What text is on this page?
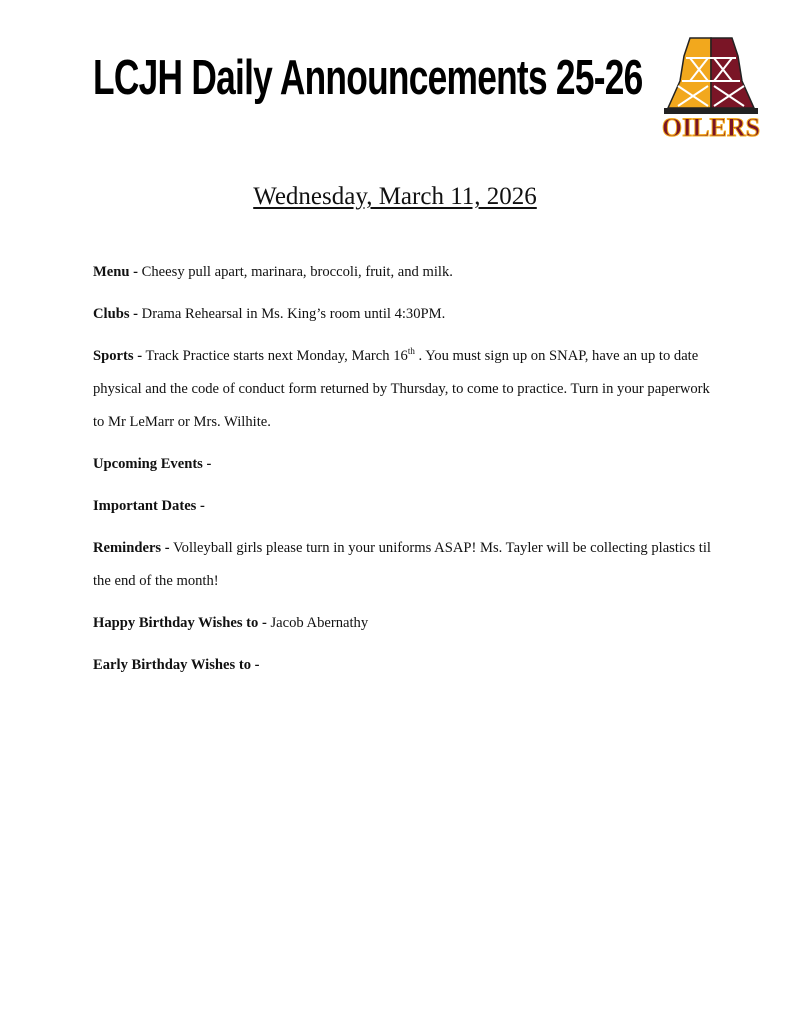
LCJH Daily Announcements 25-26
OILERS
Wednesday, March 11, 2026

Menu - Cheesy pull apart, marinara, broccoli, fruit, and milk.

Clubs - Drama Rehearsal in Ms. King’s room until 4:30PM.

Sports - Track Practice starts next Monday, March 16th . You must sign up on SNAP, have an up to date physical and the code of conduct form returned by Thursday, to come to practice. Turn in your paperwork to Mr LeMarr or Mrs. Wilhite.

Upcoming Events -

Important Dates -

Reminders - Volleyball girls please turn in your uniforms ASAP! Ms. Tayler will be collecting plastics til the end of the month!

Happy Birthday Wishes to - Jacob Abernathy

Early Birthday Wishes to -
